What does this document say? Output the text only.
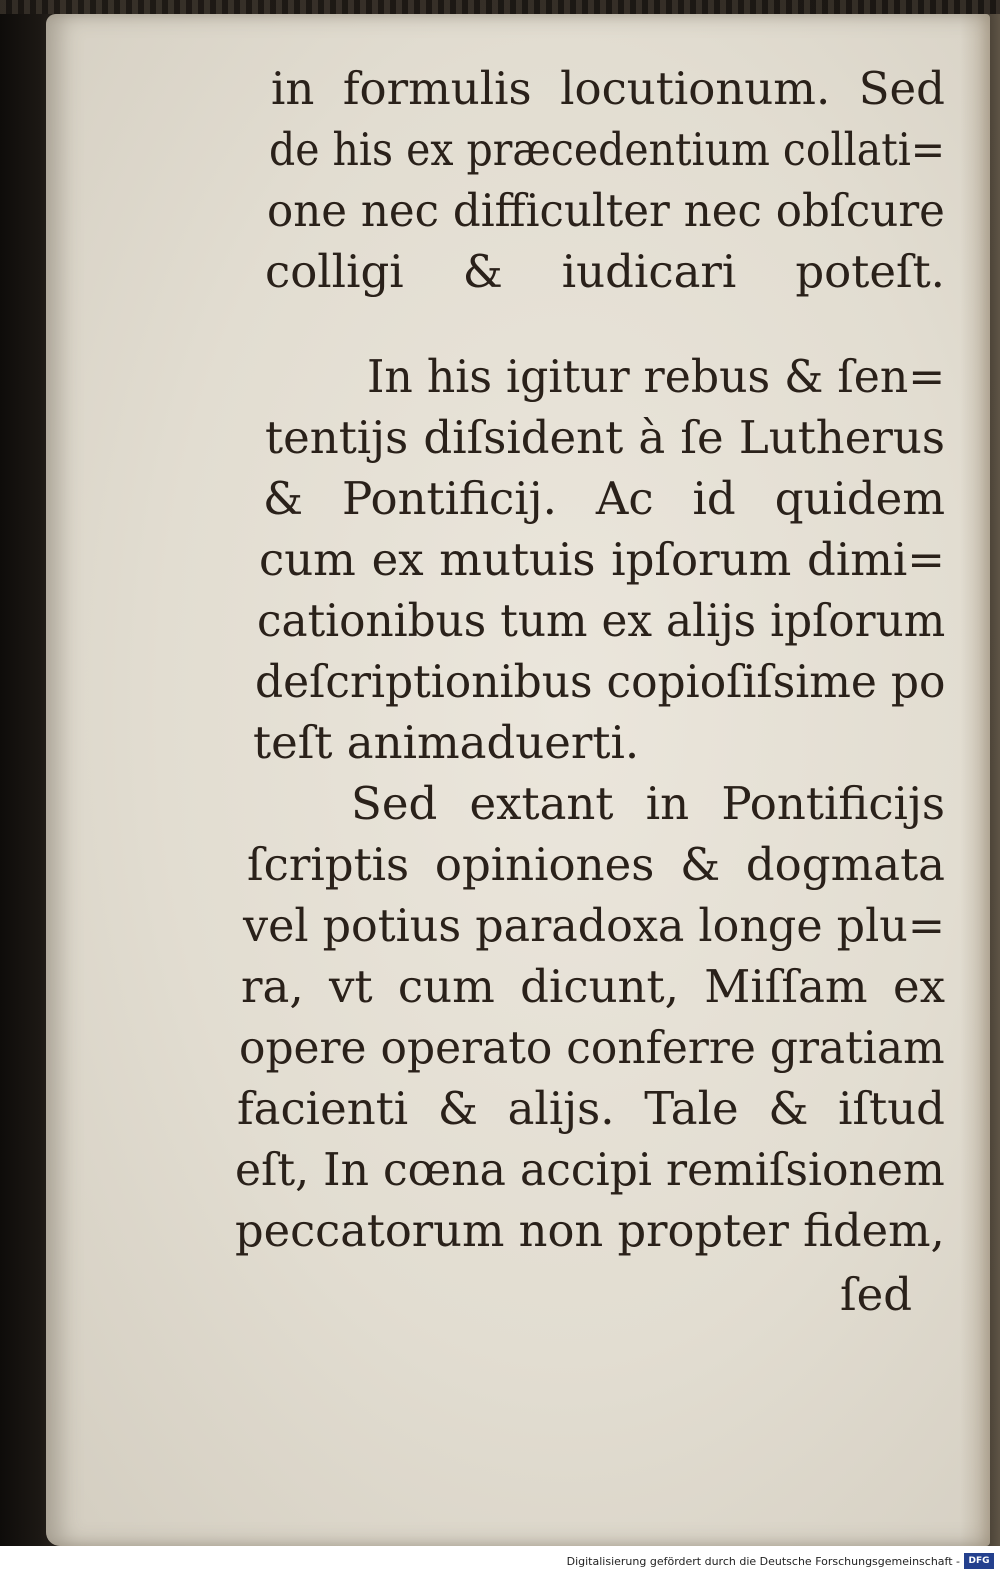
in formulis locutionum. Sed
de his ex præcedentium collati=
one nec difficulter nec obſcure
colligi & iudicari poteſt.
In his igitur rebus & ſen=
tentijs diſsident à ſe Lutherus
& Pontificij. Ac id quidem
cum ex mutuis ipſorum dimi=
cationibus tum ex alijs ipſorum
deſcriptionibus copioſiſsime po
teſt animaduerti.
Sed extant in Pontificijs
ſcriptis opiniones & dogmata
vel potius paradoxa longe plu=
ra, vt cum dicunt, Miſſam ex
opere operato conferre gratiam
facienti & alijs. Tale & iſtud
eſt, In cœna accipi remiſsionem
peccatorum non propter fidem,
ſed
Digitalisierung gefördert durch die Deutsche Forschungsgemeinschaft - DFG
